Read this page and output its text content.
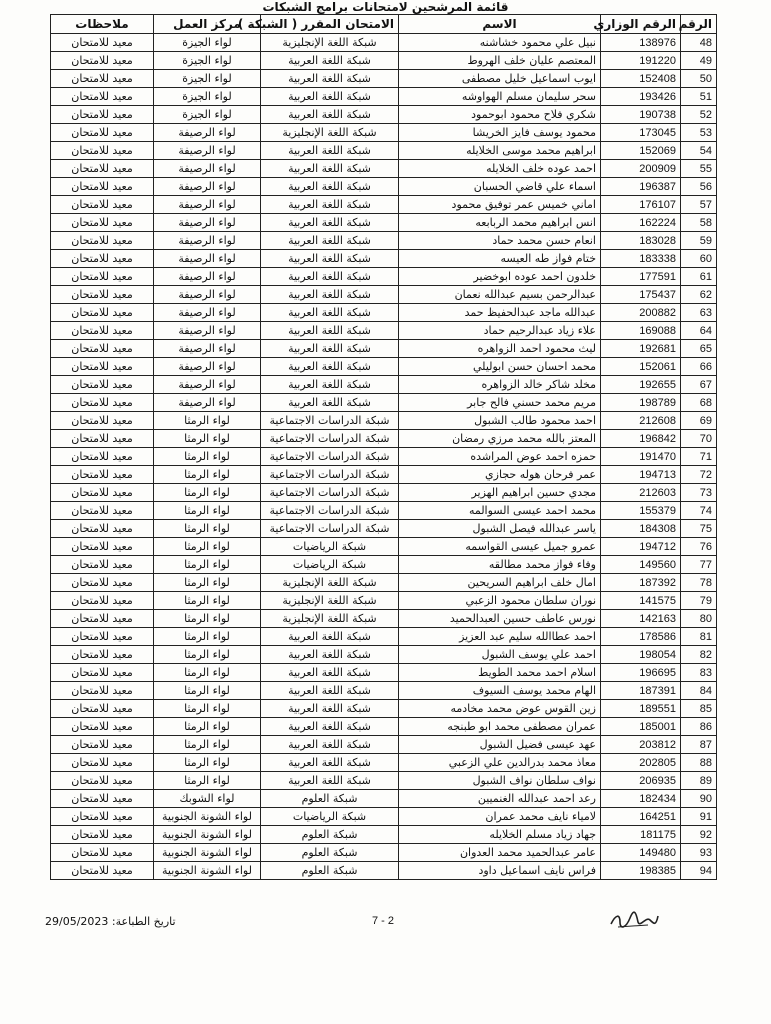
قائمة المرشحين لامتحانات برامج الشبكات
الرقم	الرقم الوزاري	الاسم	الامتحان المقرر ( الشبكة )	مركز العمل	ملاحظات
48	138976	نبيل علي محمود خشاشنه	شبكة اللغة الإنجليزية	لواء الجيزة	معيد للامتحان
49	191220	المعتصم عليان خلف الهروط	شبكة اللغة العربية	لواء الجيزة	معيد للامتحان
50	152408	ايوب اسماعيل خليل مصطفى	شبكة اللغة العربية	لواء الجيزة	معيد للامتحان
51	193426	سحر سليمان مسلم الهواوشه	شبكة اللغة العربية	لواء الجيزة	معيد للامتحان
52	190738	شكري فلاح محمود ابوحمود	شبكة اللغة العربية	لواء الجيزة	معيد للامتحان
53	173045	محمود يوسف فايز الخريشا	شبكة اللغة الإنجليزية	لواء الرصيفة	معيد للامتحان
54	152069	ابراهيم محمد موسى الخلايله	شبكة اللغة العربية	لواء الرصيفة	معيد للامتحان
55	200909	احمد عوده خلف الخلايله	شبكة اللغة العربية	لواء الرصيفة	معيد للامتحان
56	196387	اسماء علي قاضي الحسبان	شبكة اللغة العربية	لواء الرصيفة	معيد للامتحان
57	176107	اماني خميس عمر توفيق محمود	شبكة اللغة العربية	لواء الرصيفة	معيد للامتحان
58	162224	انس ابراهيم محمد الربابعه	شبكة اللغة العربية	لواء الرصيفة	معيد للامتحان
59	183028	انعام حسن محمد حماد	شبكة اللغة العربية	لواء الرصيفة	معيد للامتحان
60	183338	ختام فواز طه العيسه	شبكة اللغة العربية	لواء الرصيفة	معيد للامتحان
61	177591	خلدون احمد عوده ابوخضير	شبكة اللغة العربية	لواء الرصيفة	معيد للامتحان
62	175437	عبدالرحمن بسيم عبدالله نعمان	شبكة اللغة العربية	لواء الرصيفة	معيد للامتحان
63	200882	عبدالله ماجد عبدالحفيظ حمد	شبكة اللغة العربية	لواء الرصيفة	معيد للامتحان
64	169088	علاء زياد عبدالرحيم حماد	شبكة اللغة العربية	لواء الرصيفة	معيد للامتحان
65	192681	ليث محمود احمد الزواهره	شبكة اللغة العربية	لواء الرصيفة	معيد للامتحان
66	152061	محمد احسان حسن ابوليلي	شبكة اللغة العربية	لواء الرصيفة	معيد للامتحان
67	192655	مخلد شاكر خالد الزواهره	شبكة اللغة العربية	لواء الرصيفة	معيد للامتحان
68	198789	مريم محمد حسني فالح جابر	شبكة اللغة العربية	لواء الرصيفة	معيد للامتحان
69	212608	احمد محمود طالب الشبول	شبكة الدراسات الاجتماعية	لواء الرمثا	معيد للامتحان
70	196842	المعتز بالله محمد مرزي رمضان	شبكة الدراسات الاجتماعية	لواء الرمثا	معيد للامتحان
71	191470	حمزه احمد عوض المراشده	شبكة الدراسات الاجتماعية	لواء الرمثا	معيد للامتحان
72	194713	عمر فرحان هوله حجازي	شبكة الدراسات الاجتماعية	لواء الرمثا	معيد للامتحان
73	212603	مجدي حسين ابراهيم الهزير	شبكة الدراسات الاجتماعية	لواء الرمثا	معيد للامتحان
74	155379	محمد احمد عيسى السوالمه	شبكة الدراسات الاجتماعية	لواء الرمثا	معيد للامتحان
75	184308	ياسر عبدالله فيصل الشبول	شبكة الدراسات الاجتماعية	لواء الرمثا	معيد للامتحان
76	194712	عمرو جميل عيسى القواسمه	شبكة الرياضيات	لواء الرمثا	معيد للامتحان
77	149560	وفاء فواز محمد مطالقه	شبكة الرياضيات	لواء الرمثا	معيد للامتحان
78	187392	امال خلف ابراهيم السريحين	شبكة اللغة الإنجليزية	لواء الرمثا	معيد للامتحان
79	141575	نوران سلطان محمود الزعبي	شبكة اللغة الإنجليزية	لواء الرمثا	معيد للامتحان
80	142163	نورس عاطف حسين العبدالحميد	شبكة اللغة الإنجليزية	لواء الرمثا	معيد للامتحان
81	178586	احمد عطاالله سليم عبد العزيز	شبكة اللغة العربية	لواء الرمثا	معيد للامتحان
82	198054	احمد علي يوسف الشبول	شبكة اللغة العربية	لواء الرمثا	معيد للامتحان
83	196695	اسلام احمد محمد الطويط	شبكة اللغة العربية	لواء الرمثا	معيد للامتحان
84	187391	الهام محمد يوسف السيوف	شبكة اللغة العربية	لواء الرمثا	معيد للامتحان
85	189551	زين القوس عوض محمد مخادمه	شبكة اللغة العربية	لواء الرمثا	معيد للامتحان
86	185001	عمران مصطفى محمد ابو طبنجه	شبكة اللغة العربية	لواء الرمثا	معيد للامتحان
87	203812	عهد عيسى فضيل الشبول	شبكة اللغة العربية	لواء الرمثا	معيد للامتحان
88	202805	معاذ محمد بدرالدين علي الزعبي	شبكة اللغة العربية	لواء الرمثا	معيد للامتحان
89	206935	نواف سلطان نواف الشبول	شبكة اللغة العربية	لواء الرمثا	معيد للامتحان
90	182434	رعد احمد عبدالله الغنميين	شبكة العلوم	لواء الشوبك	معيد للامتحان
91	164251	لامياء نايف محمد عمران	شبكة الرياضيات	لواء الشونة الجنوبية	معيد للامتحان
92	181175	جهاد زياد مسلم الخلايله	شبكة العلوم	لواء الشونة الجنوبية	معيد للامتحان
93	149480	عامر عبدالحميد محمد العدوان	شبكة العلوم	لواء الشونة الجنوبية	معيد للامتحان
94	198385	فراس نايف اسماعيل داود	شبكة العلوم	لواء الشونة الجنوبية	معيد للامتحان
تاريخ الطباعة: 29/05/2023	7 - 2
